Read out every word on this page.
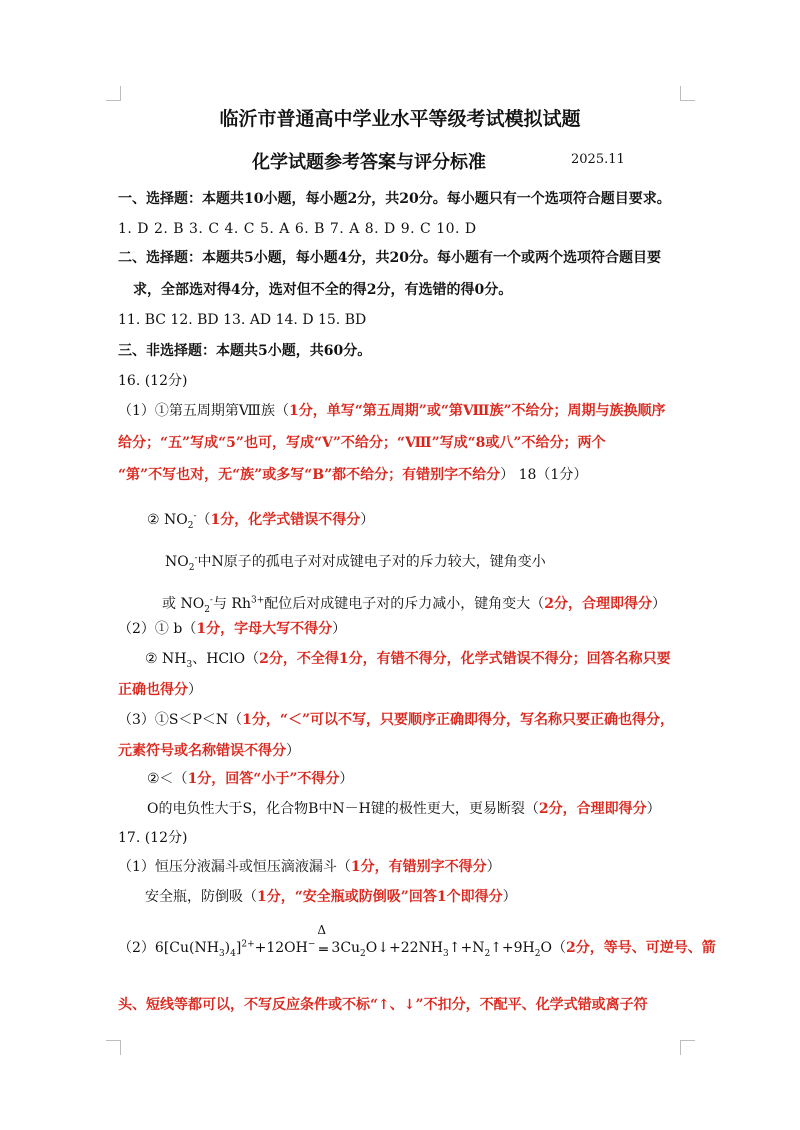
临沂市普通高中学业水平等级考试模拟试题
化学试题参考答案与评分标准	2025.11
一、选择题：本题共10小题，每小题2分，共20分。每小题只有一个选项符合题目要求。
1. D 2. B 3. C 4. C 5. A 6. B 7. A 8. D 9. C 10. D
二、选择题：本题共5小题，每小题4分，共20分。每小题有一个或两个选项符合题目要
求，全部选对得4分，选对但不全的得2分，有选错的得0分。
11. BC 12. BD 13. AD 14. D 15. BD
三、非选择题：本题共5小题，共60分。
16. (12分)
（1）①第五周期第Ⅷ族（1分，单写“第五周期”或“第Ⅷ族”不给分；周期与族换顺序
给分；“五”写成“5”也可，写成“Ⅴ”不给分；“Ⅷ”写成“8或八”不给分；两个
“第”不写也对，无“族”或多写“B”都不给分；有错别字不给分） 18（1分）
② $NO_2^-(1$分，化学式错误不得分）
$NO_2^-$中N原子的孤电子对对成键电子对的斥力较大，键角变小
或 $NO_2^-$与 $Rh^{3+}$配位后对成键电子对的斥力减小，键角变大（2分，合理即得分）
（2）① b（1分，字母大写不得分）
② $NH_3$、HClO（2分，不全得1分，有错不得分，化学式错误不得分；回答名称只要
正确也得分）
（3）①S＜P＜N（1分，“＜”可以不写，只要顺序正确即得分，写名称只要正确也得分，
元素符号或名称错误不得分）
②＜（1分，回答“小于”不得分）
O的电负性大于S，化合物B中N－H键的极性更大，更易断裂（2分，合理即得分）
17. (12分)
（1）恒压分液漏斗或恒压滴液漏斗（1分，有错别字不得分）
安全瓶，防倒吸（1分，“安全瓶或防倒吸”回答1个即得分）
$(2)6[Cu(NH_3)_4]^{2+}+12OH^-$
Δ
═ $3Cu_2O↓+22NH_3↑+N_2↑+9H_2O(2$分，等号、可逆号、箭
头、短线等都可以，不写反应条件或不标“↑、↓”不扣分，不配平、化学式错或离子符
